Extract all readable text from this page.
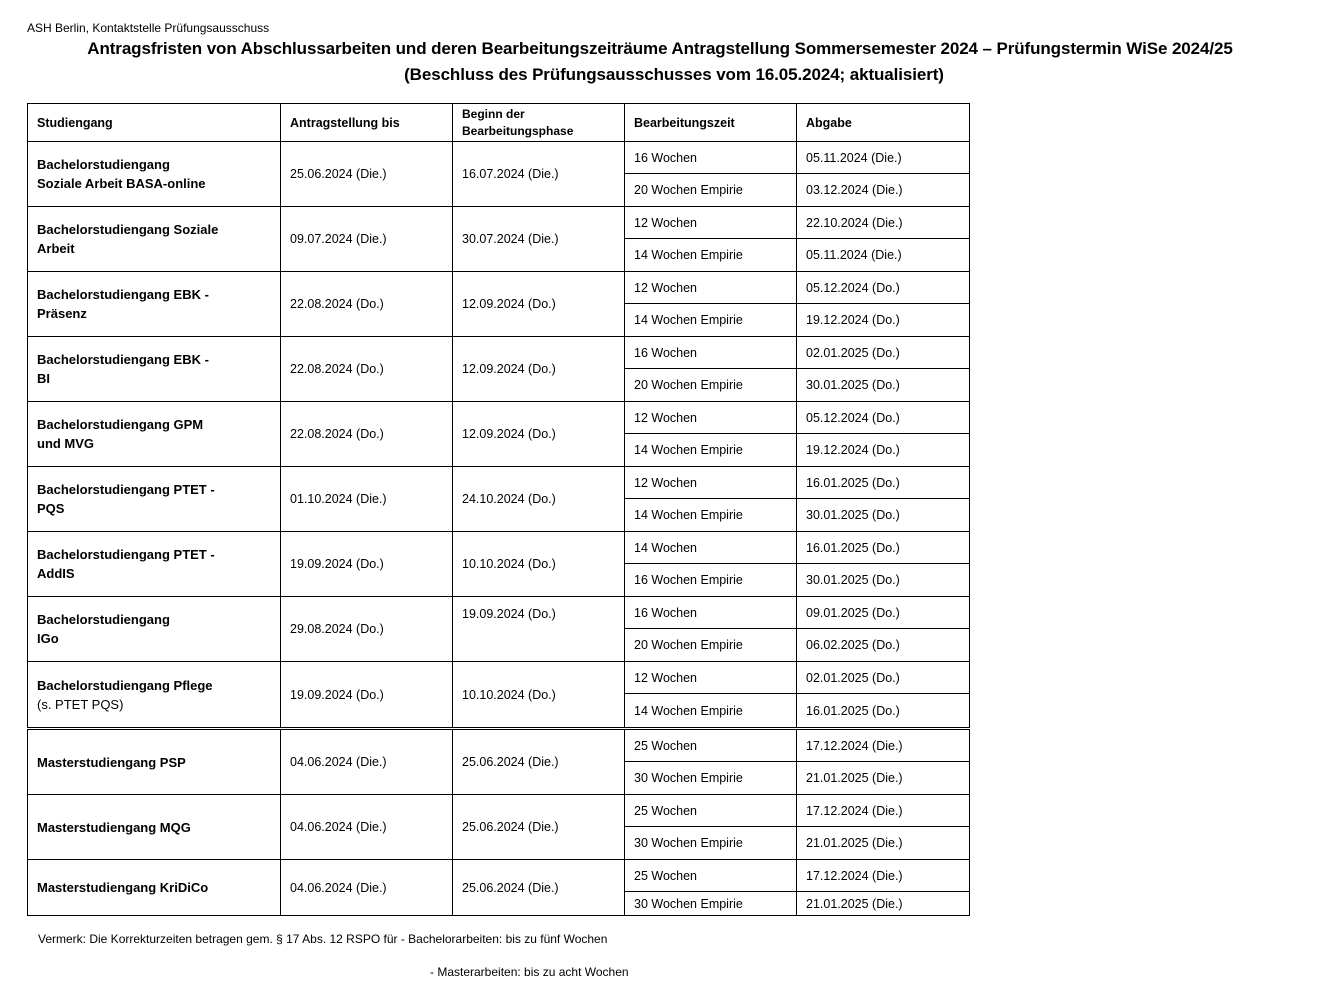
ASH Berlin, Kontaktstelle Prüfungsausschuss
Antragsfristen von Abschlussarbeiten und deren Bearbeitungszeiträume Antragstellung Sommersemester 2024 – Prüfungstermin WiSe 2024/25
(Beschluss des Prüfungsausschusses vom 16.05.2024; aktualisiert)
Studiengang	Antragstellung bis	Beginn der Bearbeitungsphase	Bearbeitungszeit	Abgabe
Bachelorstudiengang
Soziale Arbeit BASA-online	25.06.2024 (Die.)	16.07.2024 (Die.)	16 Wochen	05.11.2024 (Die.)
			20 Wochen Empirie	03.12.2024 (Die.)
Bachelorstudiengang Soziale
Arbeit	09.07.2024 (Die.)	30.07.2024 (Die.)	12 Wochen	22.10.2024 (Die.)
			14 Wochen Empirie	05.11.2024 (Die.)
Bachelorstudiengang EBK -
Präsenz	22.08.2024 (Do.)	12.09.2024 (Do.)	12 Wochen	05.12.2024 (Do.)
			14 Wochen Empirie	19.12.2024 (Do.)
Bachelorstudiengang EBK -
BI	22.08.2024 (Do.)	12.09.2024 (Do.)	16 Wochen	02.01.2025 (Do.)
			20 Wochen Empirie	30.01.2025 (Do.)
Bachelorstudiengang GPM
und MVG	22.08.2024 (Do.)	12.09.2024 (Do.)	12 Wochen	05.12.2024 (Do.)
			14 Wochen Empirie	19.12.2024 (Do.)
Bachelorstudiengang PTET -
PQS	01.10.2024 (Die.)	24.10.2024 (Do.)	12 Wochen	16.01.2025 (Do.)
			14 Wochen Empirie	30.01.2025 (Do.)
Bachelorstudiengang PTET -
AddIS	19.09.2024 (Do.)	10.10.2024 (Do.)	14 Wochen	16.01.2025 (Do.)
			16 Wochen Empirie	30.01.2025 (Do.)
Bachelorstudiengang
IGo	29.08.2024 (Do.)	19.09.2024 (Do.)	16 Wochen	09.01.2025 (Do.)
			20 Wochen Empirie	06.02.2025 (Do.)
Bachelorstudiengang Pflege
(s. PTET PQS)	19.09.2024 (Do.)	10.10.2024 (Do.)	12 Wochen	02.01.2025 (Do.)
			14 Wochen Empirie	16.01.2025 (Do.)
Masterstudiengang PSP	04.06.2024 (Die.)	25.06.2024 (Die.)	25 Wochen	17.12.2024 (Die.)
			30 Wochen Empirie	21.01.2025 (Die.)
Masterstudiengang MQG	04.06.2024 (Die.)	25.06.2024 (Die.)	25 Wochen	17.12.2024 (Die.)
			30 Wochen Empirie	21.01.2025 (Die.)
Masterstudiengang KriDiCo	04.06.2024 (Die.)	25.06.2024 (Die.)	25 Wochen	17.12.2024 (Die.)
			30 Wochen Empirie	21.01.2025 (Die.)
Vermerk: Die Korrekturzeiten betragen gem. § 17 Abs. 12 RSPO für - Bachelorarbeiten: bis zu fünf Wochen
- Masterarbeiten: bis zu acht Wochen
